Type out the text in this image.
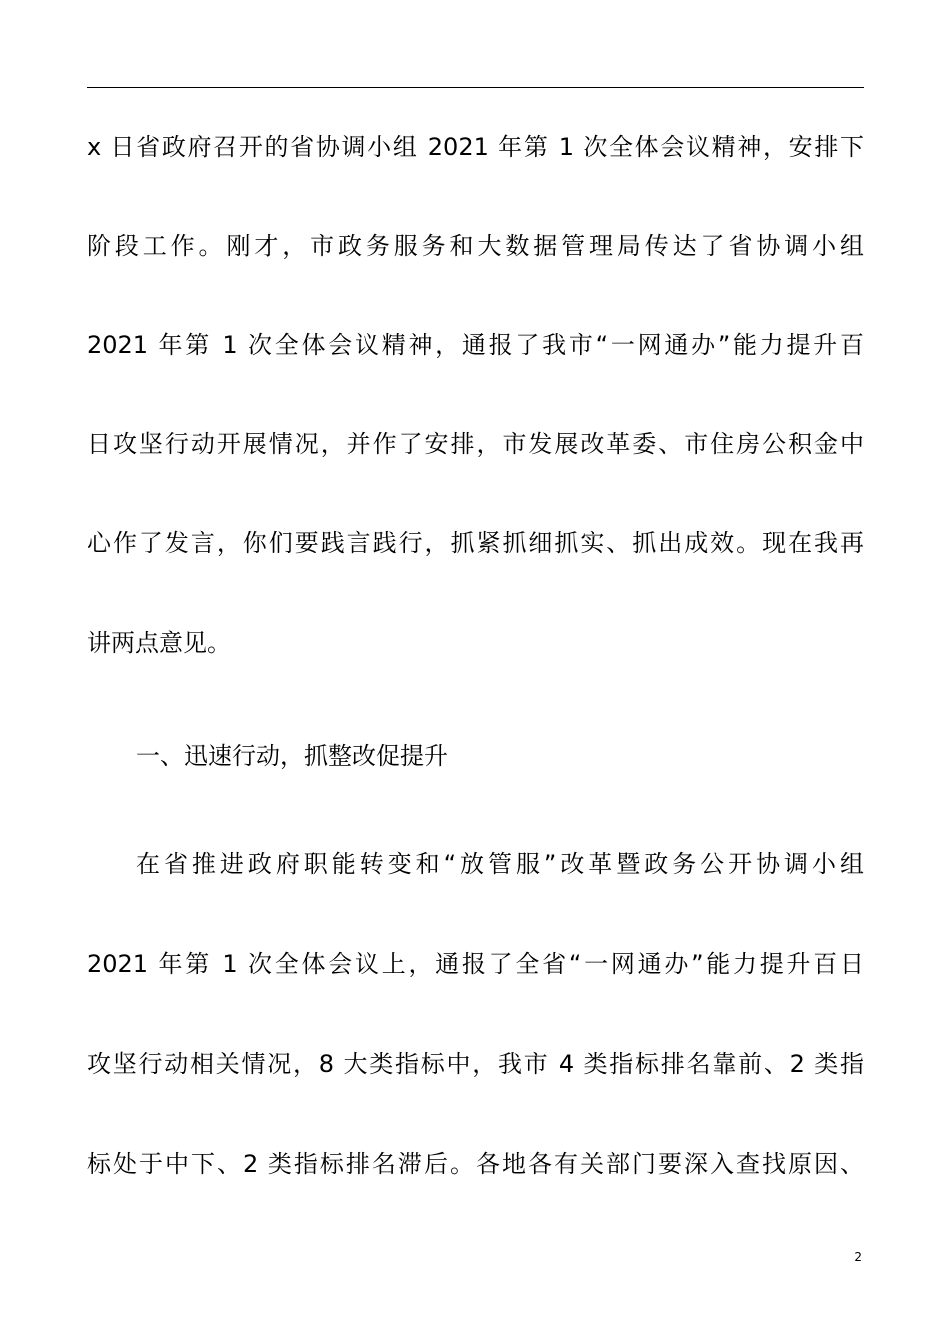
x 日省政府召开的省协调小组 2021 年第 1 次全体会议精神，安排下
阶段工作。刚才，市政务服务和大数据管理局传达了省协调小组
2021 年第 1 次全体会议精神，通报了我市“一网通办”能力提升百
日攻坚行动开展情况，并作了安排，市发展改革委、市住房公积金中
心作了发言，你们要践言践行，抓紧抓细抓实、抓出成效。现在我再
讲两点意见。
一、迅速行动，抓整改促提升
在省推进政府职能转变和“放管服”改革暨政务公开协调小组
2021 年第 1 次全体会议上，通报了全省“一网通办”能力提升百日
攻坚行动相关情况，8 大类指标中，我市 4 类指标排名靠前、2 类指
标处于中下、2 类指标排名滞后。各地各有关部门要深入查找原因、
2
